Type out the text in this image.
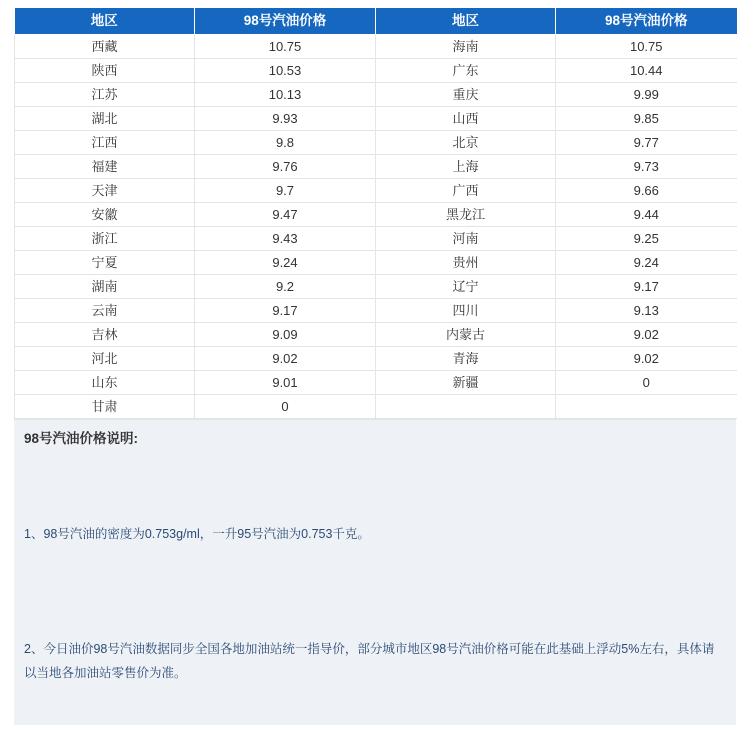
地区	98号汽油价格	地区	98号汽油价格
西藏	10.75	海南	10.75
陕西	10.53	广东	10.44
江苏	10.13	重庆	9.99
湖北	9.93	山西	9.85
江西	9.8	北京	9.77
福建	9.76	上海	9.73
天津	9.7	广西	9.66
安徽	9.47	黑龙江	9.44
浙江	9.43	河南	9.25
宁夏	9.24	贵州	9.24
湖南	9.2	辽宁	9.17
云南	9.17	四川	9.13
吉林	9.09	内蒙古	9.02
河北	9.02	青海	9.02
山东	9.01	新疆	0
甘肃	0		
98号汽油价格说明:
1、98号汽油的密度为0.753g/ml，一升95号汽油为0.753千克。
2、今日油价98号汽油数据同步全国各地加油站统一指导价，部分城市地区98号汽油价格可能在此基础上浮动5%左右，具体请以当地各加油站零售价为准。
